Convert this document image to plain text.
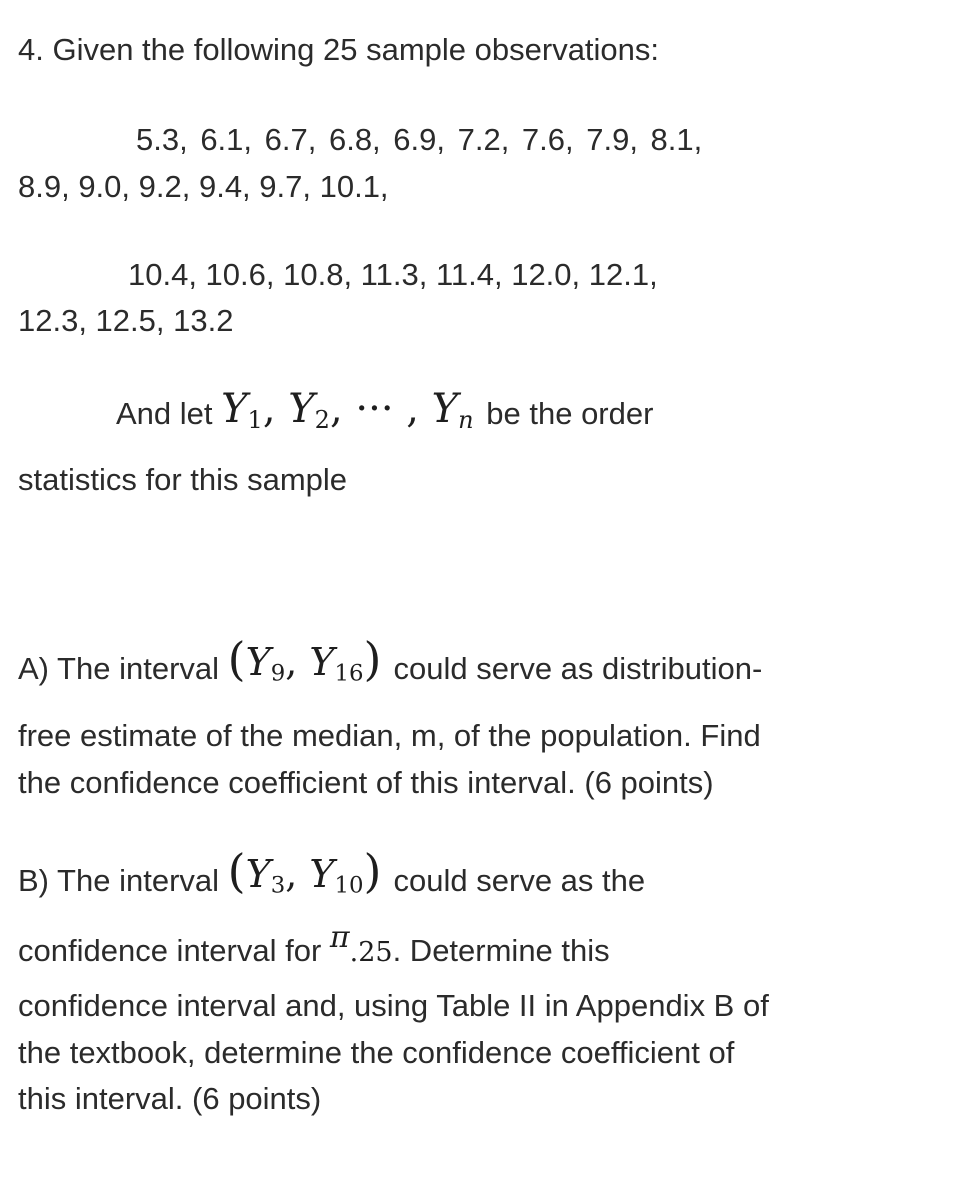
4. Given the following 25 sample observations:
5.3, 6.1, 6.7, 6.8, 6.9, 7.2, 7.6, 7.9, 8.1,
8.9, 9.0, 9.2, 9.4, 9.7, 10.1,
10.4, 10.6, 10.8, 11.3, 11.4, 12.0, 12.1,
12.3, 12.5, 13.2
And let $Y_1$, $Y_2$, ··· , $Y_n$ be the order
statistics for this sample
A) The interval ($Y_9$, $Y_{16}$) could serve as distribution-
free estimate of the median, m, of the population. Find
the confidence coefficient of this interval. (6 points)
B) The interval ($Y_3$, $Y_{10}$) could serve as the
confidence interval for π.25. Determine this
confidence interval and, using Table II in Appendix B of
the textbook, determine the confidence coefficient of
this interval. (6 points)
